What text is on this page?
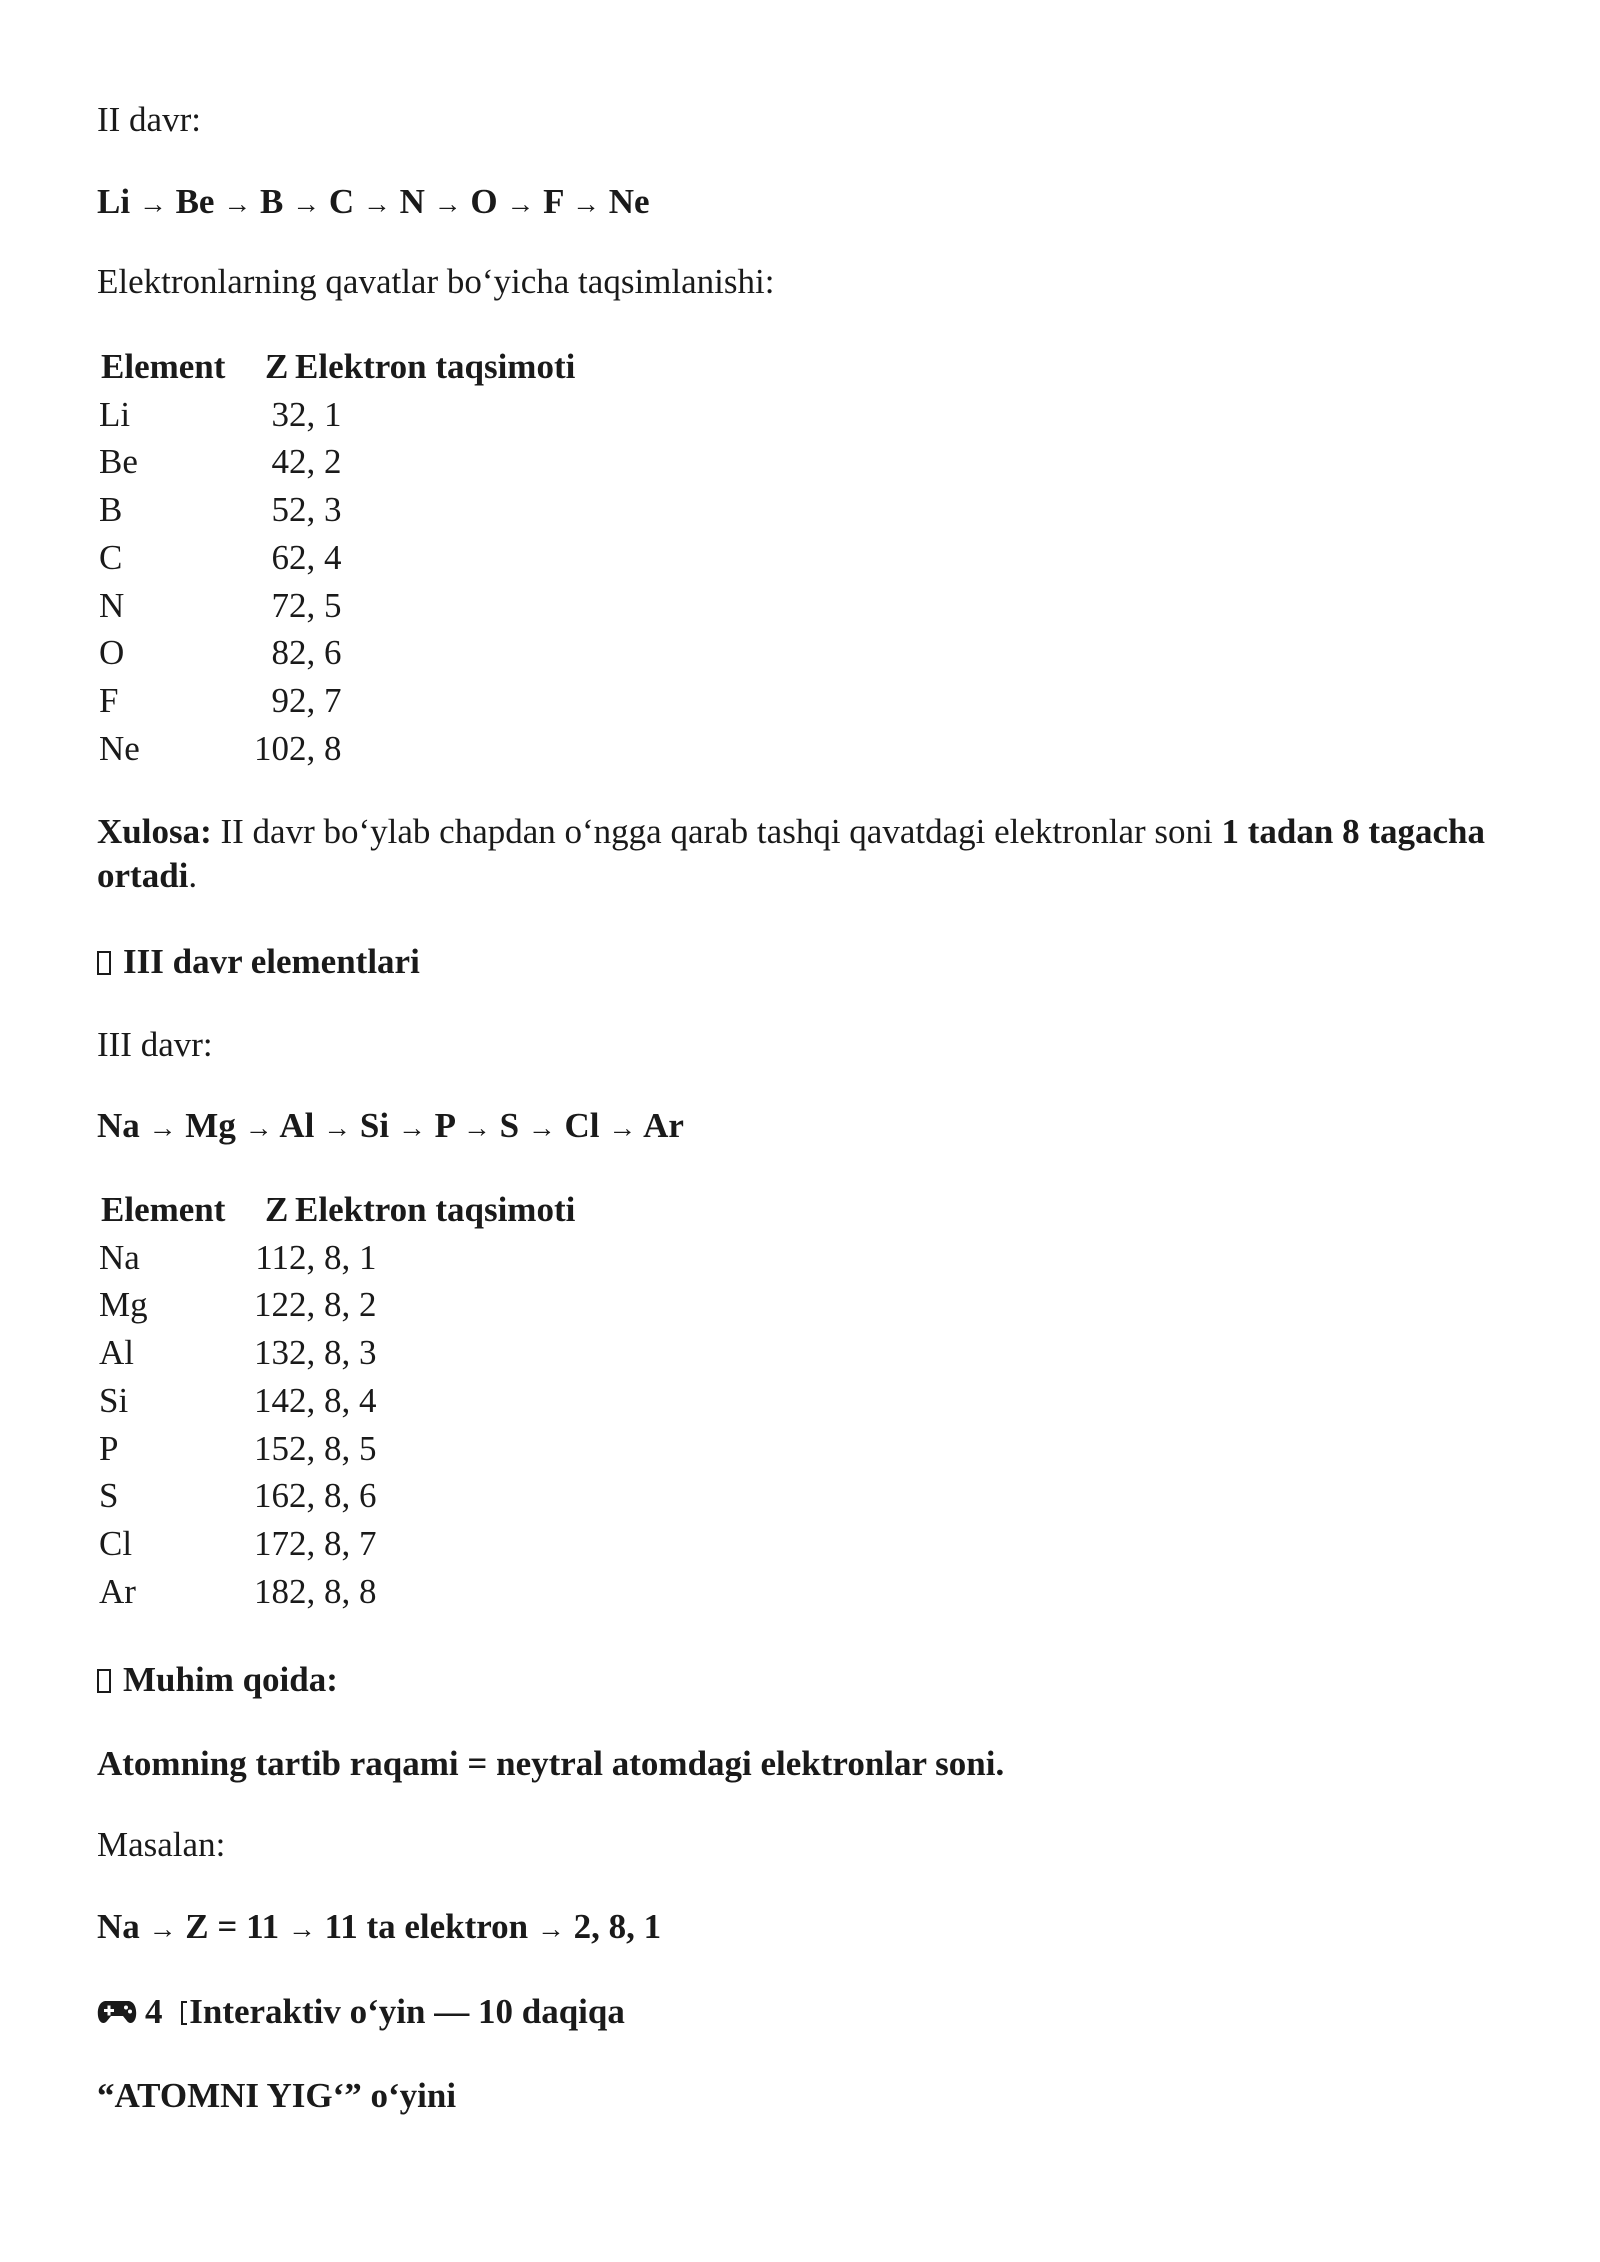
II davr:

Li → Be → B → C → N → O → F → Ne

Elektronlarning qavatlar bo‘yicha taqsimlanishi:

Element	Z	Elektron taqsimoti
Li	3	2, 1
Be	4	2, 2
B	5	2, 3
C	6	2, 4
N	7	2, 5
O	8	2, 6
F	9	2, 7
Ne	10	2, 8

Xulosa: II davr bo‘ylab chapdan o‘ngga qarab tashqi qavatdagi elektronlar soni 1 tadan 8 tagacha ortadi.

III davr elementlari

III davr:

Na → Mg → Al → Si → P → S → Cl → Ar

Element	Z	Elektron taqsimoti
Na	11	2, 8, 1
Mg	12	2, 8, 2
Al	13	2, 8, 3
Si	14	2, 8, 4
P	15	2, 8, 5
S	16	2, 8, 6
Cl	17	2, 8, 7
Ar	18	2, 8, 8

Muhim qoida:

Atomning tartib raqami = neytral atomdagi elektronlar soni.

Masalan:

Na → Z = 11 → 11 ta elektron → 2, 8, 1

4 Interaktiv o‘yin — 10 daqiqa

“ATOMNI YIG‘” o‘yini
